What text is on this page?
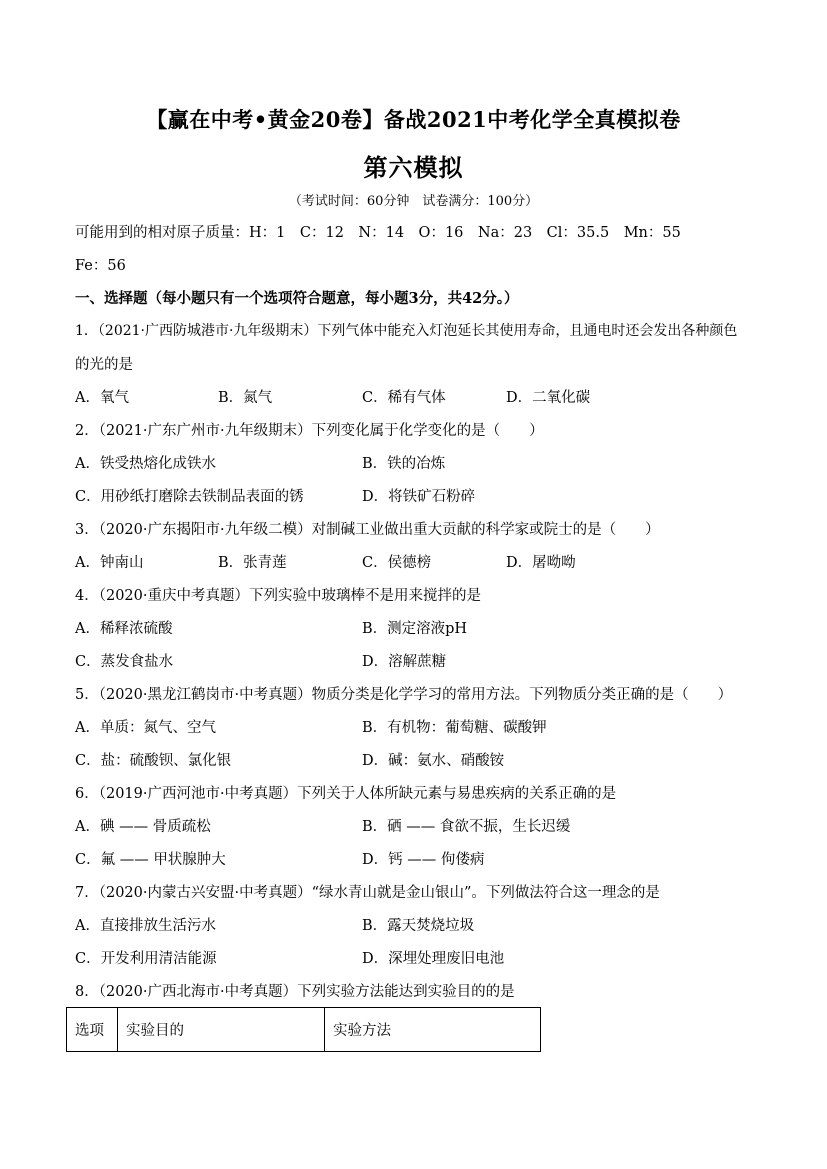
【赢在中考•黄金20卷】备战2021中考化学全真模拟卷
第六模拟
（考试时间：60分钟　试卷满分：100分）
可能用到的相对原子质量：H：1　C：12　N：14　O：16　Na：23　Cl：35.5　Mn：55
Fe：56
一、选择题（每小题只有一个选项符合题意，每小题3分，共42分。）
1．（2021·广西防城港市·九年级期末）下列气体中能充入灯泡延长其使用寿命，且通电时还会发出各种颜色
的光的是
A．氧气	B．氮气	C．稀有气体	D．二氧化碳
2．（2021·广东广州市·九年级期末）下列变化属于化学变化的是（　　）
A．铁受热熔化成铁水	B．铁的冶炼
C．用砂纸打磨除去铁制品表面的锈	D．将铁矿石粉碎
3．（2020·广东揭阳市·九年级二模）对制碱工业做出重大贡献的科学家或院士的是（　　）
A．钟南山	B．张青莲	C．侯德榜	D．屠呦呦
4．（2020·重庆中考真题）下列实验中玻璃棒不是用来搅拌的是
A．稀释浓硫酸	B．测定溶液pH
C．蒸发食盐水	D．溶解蔗糖
5．（2020·黑龙江鹤岗市·中考真题）物质分类是化学学习的常用方法。下列物质分类正确的是（　　）
A．单质：氮气、空气	B．有机物：葡萄糖、碳酸钾
C．盐：硫酸钡、氯化银	D．碱：氨水、硝酸铵
6．（2019·广西河池市·中考真题）下列关于人体所缺元素与易患疾病的关系正确的是
A．碘 —— 骨质疏松	B．硒 —— 食欲不振，生长迟缓
C．氟 —— 甲状腺肿大	D．钙 —— 佝偻病
7．（2020·内蒙古兴安盟·中考真题）“绿水青山就是金山银山”。下列做法符合这一理念的是
A．直接排放生活污水	B．露天焚烧垃圾
C．开发利用清洁能源	D．深埋处理废旧电池
8．（2020·广西北海市·中考真题）下列实验方法能达到实验目的的是
选项	实验目的	实验方法
